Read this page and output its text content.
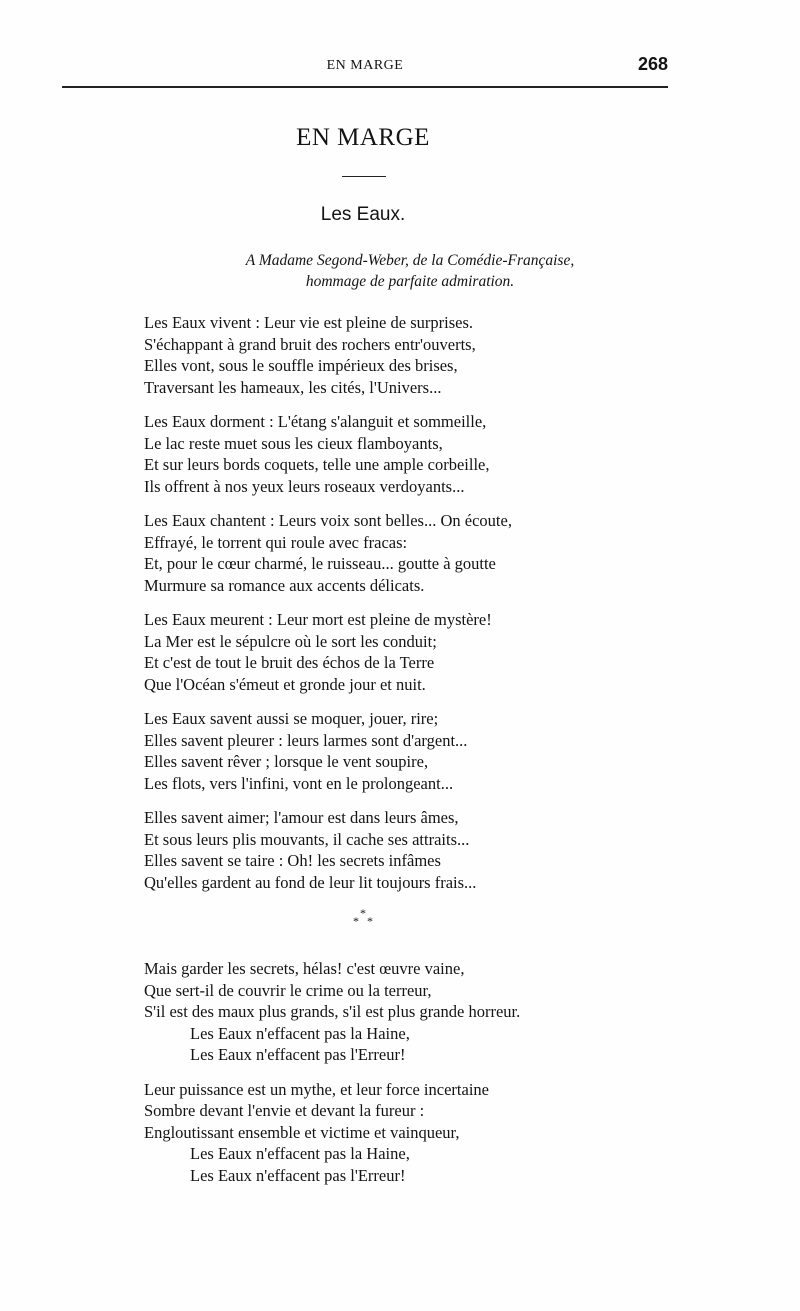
EN MARGE	268
EN MARGE
Les Eaux.
A Madame Segond-Weber, de la Comédie-Française,
hommage de parfaite admiration.
Les Eaux vivent : Leur vie est pleine de surprises.
S'échappant à grand bruit des rochers entr'ouverts,
Elles vont, sous le souffle impérieux des brises,
Traversant les hameaux, les cités, l'Univers...
Les Eaux dorment : L'étang s'alanguit et sommeille,
Le lac reste muet sous les cieux flamboyants,
Et sur leurs bords coquets, telle une ample corbeille,
Ils offrent à nos yeux leurs roseaux verdoyants...
Les Eaux chantent : Leurs voix sont belles... On écoute,
Effrayé, le torrent qui roule avec fracas:
Et, pour le cœur charmé, le ruisseau... goutte à goutte
Murmure sa romance aux accents délicats.
Les Eaux meurent : Leur mort est pleine de mystère!
La Mer est le sépulcre où le sort les conduit;
Et c'est de tout le bruit des échos de la Terre
Que l'Océan s'émeut et gronde jour et nuit.
Les Eaux savent aussi se moquer, jouer, rire;
Elles savent pleurer : leurs larmes sont d'argent...
Elles savent rêver ; lorsque le vent soupire,
Les flots, vers l'infini, vont en le prolongeant...
Elles savent aimer; l'amour est dans leurs âmes,
Et sous leurs plis mouvants, il cache ses attraits...
Elles savent se taire : Oh! les secrets infâmes
Qu'elles gardent au fond de leur lit toujours frais...
*
* *
Mais garder les secrets, hélas! c'est œuvre vaine,
Que sert-il de couvrir le crime ou la terreur,
S'il est des maux plus grands, s'il est plus grande horreur.
Les Eaux n'effacent pas la Haine,
Les Eaux n'effacent pas l'Erreur!
Leur puissance est un mythe, et leur force incertaine
Sombre devant l'envie et devant la fureur :
Engloutissant ensemble et victime et vainqueur,
Les Eaux n'effacent pas la Haine,
Les Eaux n'effacent pas l'Erreur!
